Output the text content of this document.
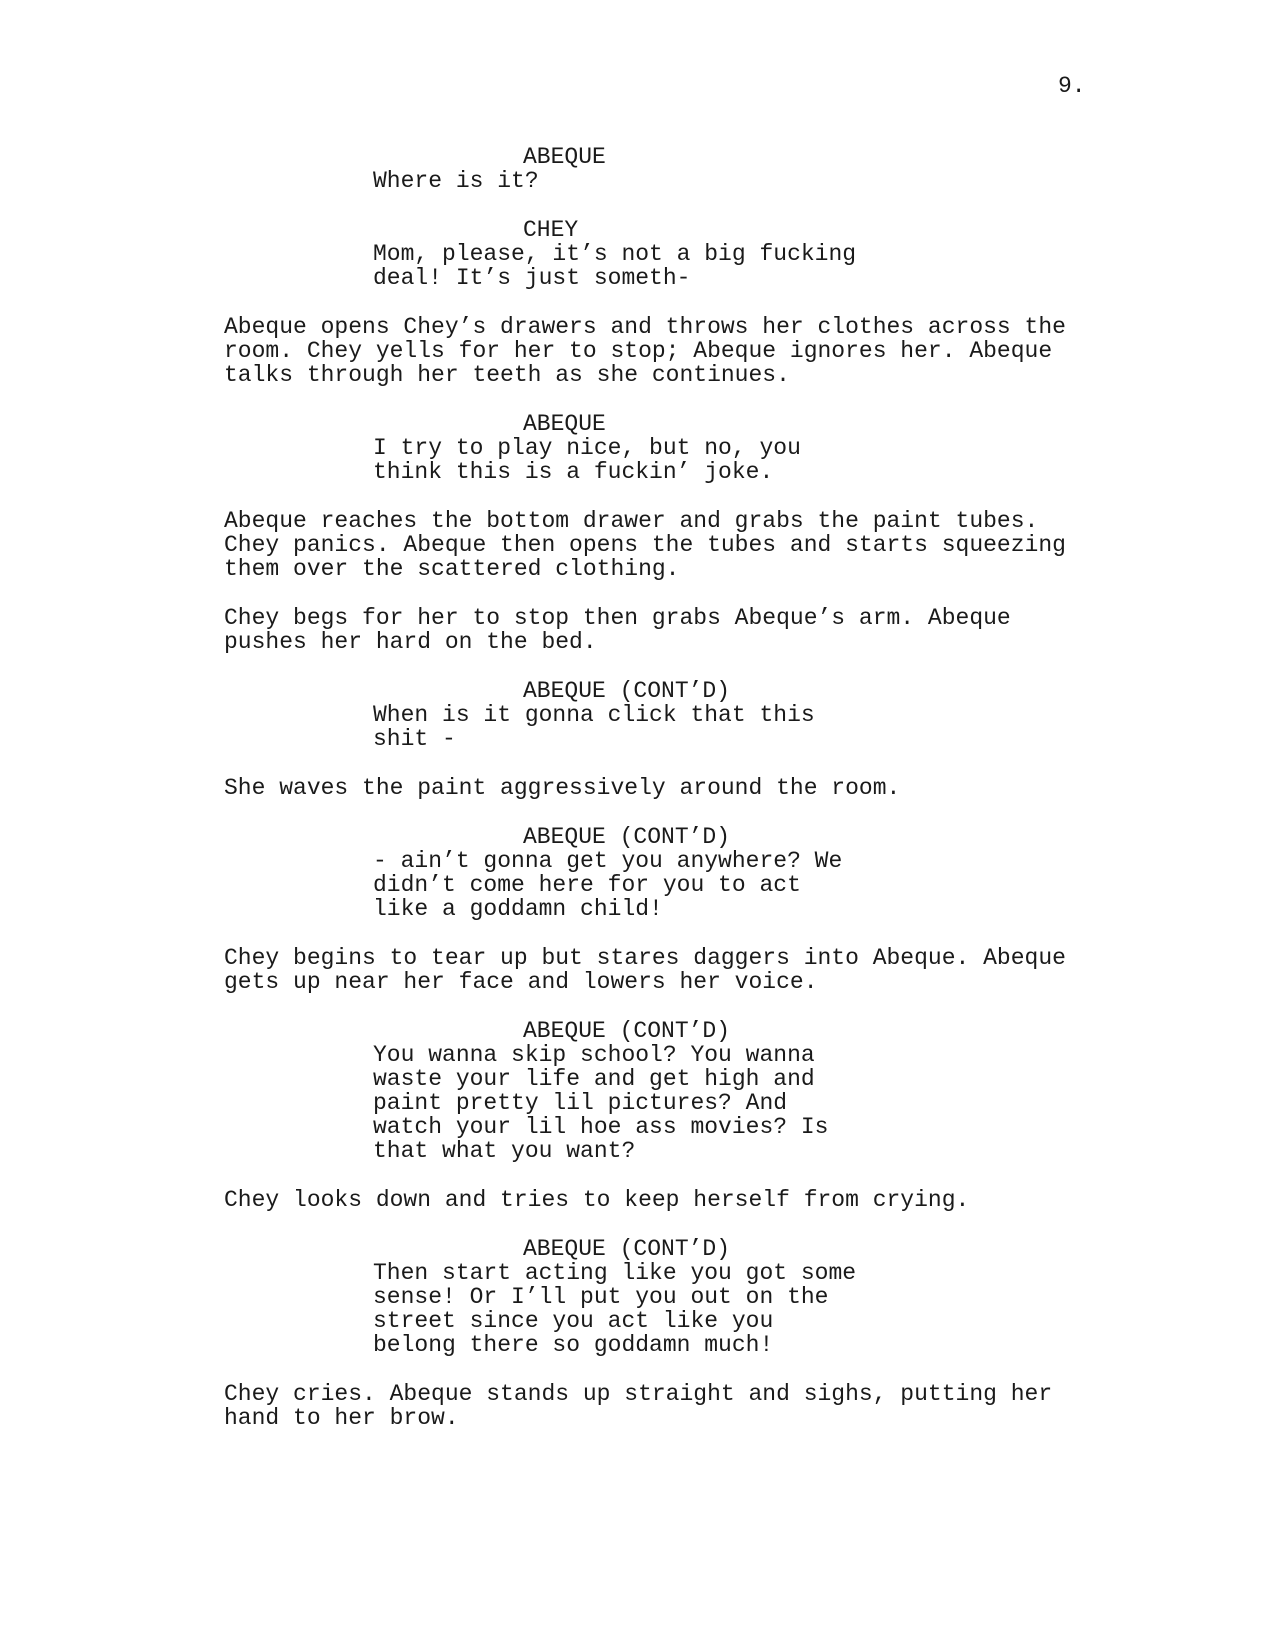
9.
ABEQUE
Where is it?
CHEY
Mom, please, it’s not a big fucking
deal! It’s just someth-
Abeque opens Chey’s drawers and throws her clothes across the
room. Chey yells for her to stop; Abeque ignores her. Abeque
talks through her teeth as she continues.
ABEQUE
I try to play nice, but no, you
think this is a fuckin’ joke.
Abeque reaches the bottom drawer and grabs the paint tubes.
Chey panics. Abeque then opens the tubes and starts squeezing
them over the scattered clothing.
Chey begs for her to stop then grabs Abeque’s arm. Abeque
pushes her hard on the bed.
ABEQUE (CONT’D)
When is it gonna click that this
shit -
She waves the paint aggressively around the room.
ABEQUE (CONT’D)
- ain’t gonna get you anywhere? We
didn’t come here for you to act
like a goddamn child!
Chey begins to tear up but stares daggers into Abeque. Abeque
gets up near her face and lowers her voice.
ABEQUE (CONT’D)
You wanna skip school? You wanna
waste your life and get high and
paint pretty lil pictures? And
watch your lil hoe ass movies? Is
that what you want?
Chey looks down and tries to keep herself from crying.
ABEQUE (CONT’D)
Then start acting like you got some
sense! Or I’ll put you out on the
street since you act like you
belong there so goddamn much!
Chey cries. Abeque stands up straight and sighs, putting her
hand to her brow.
